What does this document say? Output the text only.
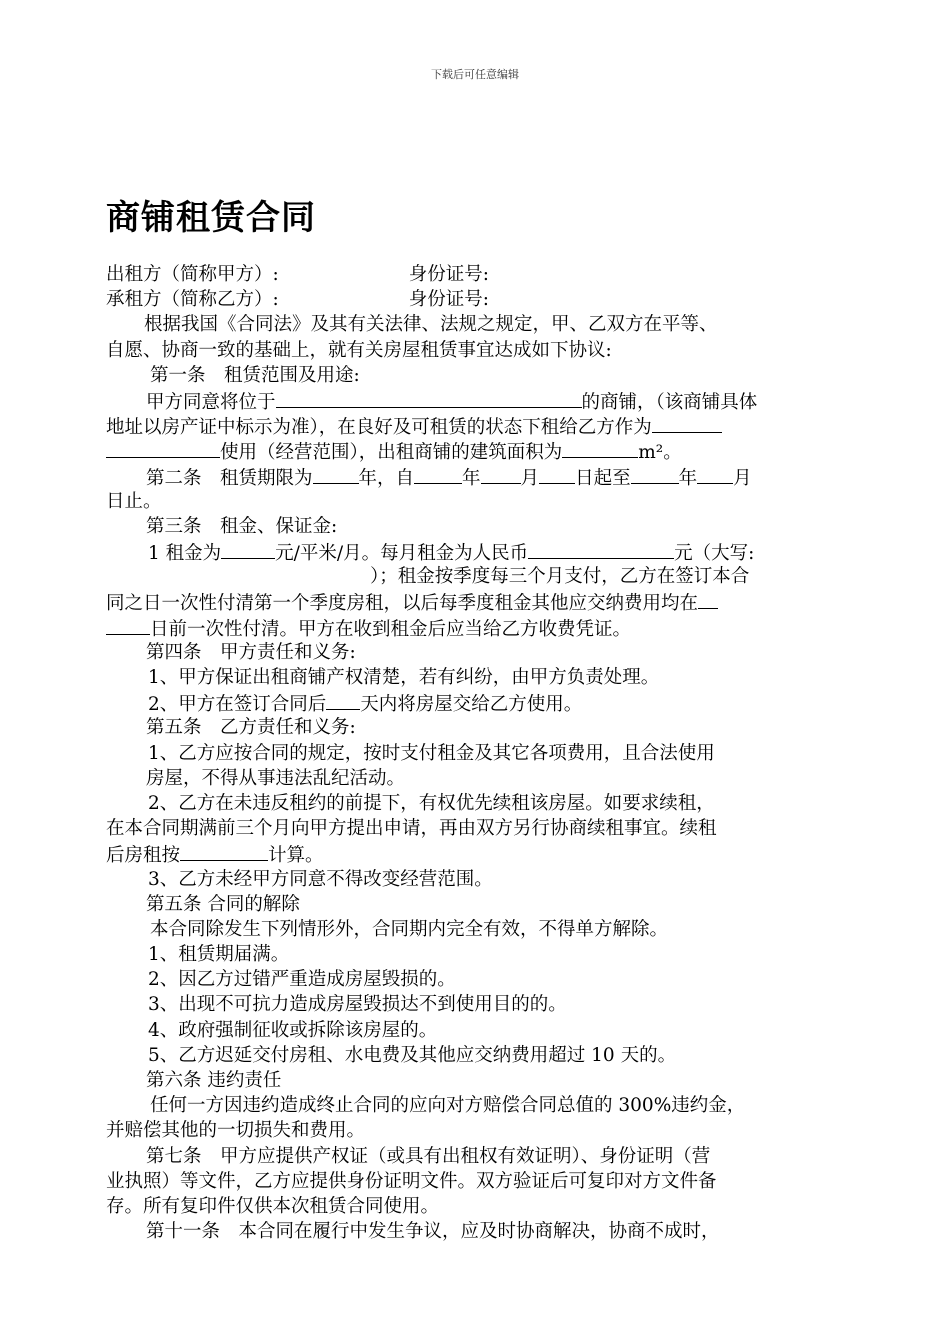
下载后可任意编辑
商铺租赁合同
出租方（简称甲方）:	身份证号:
承租方（简称乙方）:	身份证号:
根据我国《合同法》及其有关法律、法规之规定，甲、乙双方在平等、
自愿、协商一致的基础上，就有关房屋租赁事宜达成如下协议:
第一条　租赁范围及用途:
甲方同意将位于	的商铺，（该商铺具体
地址以房产证中标示为准），在良好及可租赁的状态下租给乙方作为
使用（经营范围），出租商铺的建筑面积为	m²。
第二条　租赁期限为 年，自	年 月 日起至	年 月
日止。
第三条　租金、保证金:
1 租金为	元/平米/月。每月租金为人民币	元（大写:
）；租金按季度每三个月支付，乙方在签订本合
同之日一次性付清第一个季度房租，以后每季度租金其他应交纳费用均在
日前一次性付清。甲方在收到租金后应当给乙方收费凭证。
第四条　甲方责任和义务:
1、甲方保证出租商铺产权清楚，若有纠纷，由甲方负责处理。
2、甲方在签订合同后 天内将房屋交给乙方使用。
第五条　乙方责任和义务:
1、乙方应按合同的规定，按时支付租金及其它各项费用，且合法使用
房屋，不得从事违法乱纪活动。
2、乙方在未违反租约的前提下，有权优先续租该房屋。如要求续租，
在本合同期满前三个月向甲方提出申请，再由双方另行协商续租事宜。续租
后房租按	计算。
3、乙方未经甲方同意不得改变经营范围。
第五条 合同的解除
本合同除发生下列情形外，合同期内完全有效，不得单方解除。
1、租赁期届满。
2、因乙方过错严重造成房屋毁损的。
3、出现不可抗力造成房屋毁损达不到使用目的的。
4、政府强制征收或拆除该房屋的。
5、乙方迟延交付房租、水电费及其他应交纳费用超过 10 天的。
第六条 违约责任
任何一方因违约造成终止合同的应向对方赔偿合同总值的 300%违约金，
并赔偿其他的一切损失和费用。
第七条　甲方应提供产权证（或具有出租权有效证明）、身份证明（营
业执照）等文件，乙方应提供身份证明文件。双方验证后可复印对方文件备
存。所有复印件仅供本次租赁合同使用。
第十一条　本合同在履行中发生争议，应及时协商解决，协商不成时，
